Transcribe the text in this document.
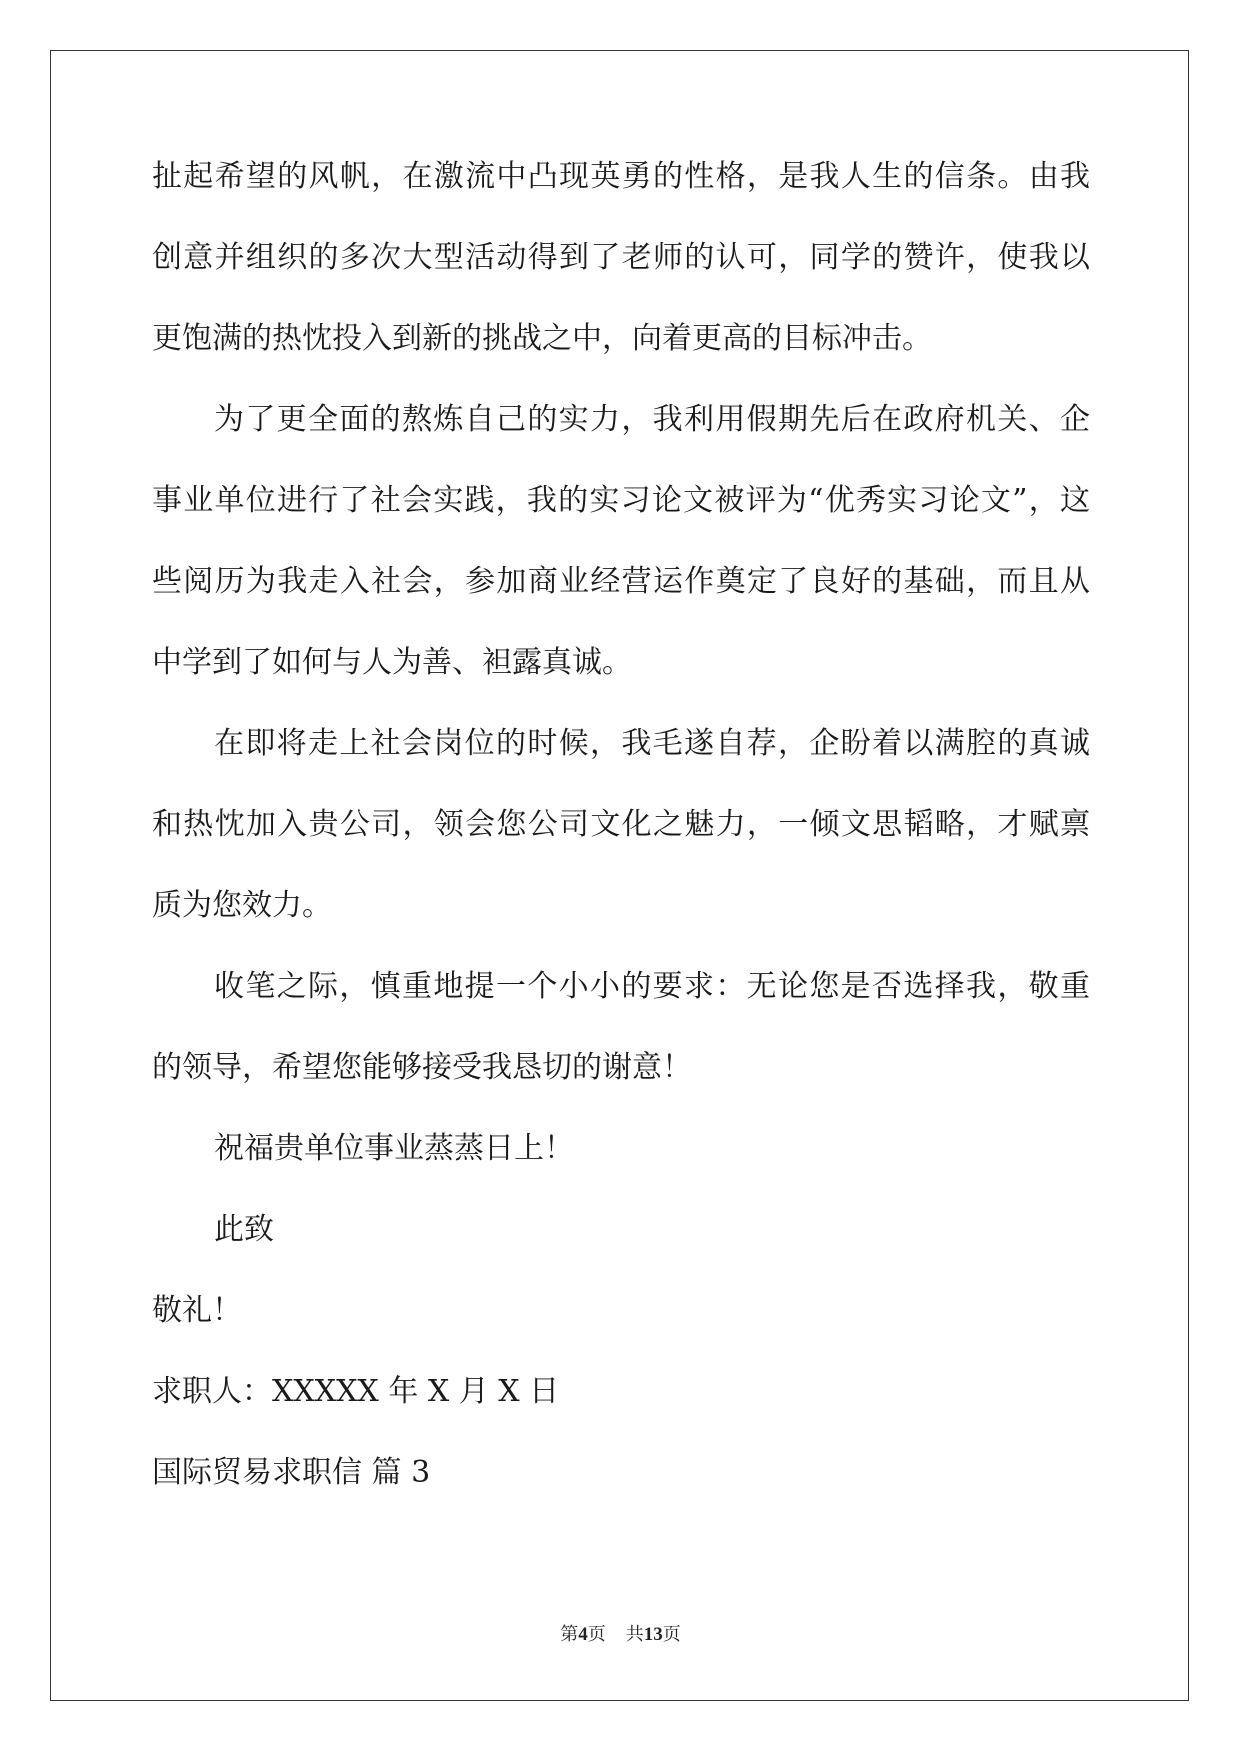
扯起希望的风帆，在激流中凸现英勇的性格，是我人生的信条。由我
创意并组织的多次大型活动得到了老师的认可，同学的赞许，使我以
更饱满的热忱投入到新的挑战之中，向着更高的目标冲击。
为了更全面的熬炼自己的实力，我利用假期先后在政府机关、企
事业单位进行了社会实践，我的实习论文被评为“优秀实习论文”，这
些阅历为我走入社会，参加商业经营运作奠定了良好的基础，而且从
中学到了如何与人为善、袒露真诚。
在即将走上社会岗位的时候，我毛遂自荐，企盼着以满腔的真诚
和热忱加入贵公司，领会您公司文化之魅力，一倾文思韬略，才赋禀
质为您效力。
收笔之际，慎重地提一个小小的要求：无论您是否选择我，敬重
的领导，希望您能够接受我恳切的谢意！
祝福贵单位事业蒸蒸日上！
此致
敬礼！
求职人：XXXXX 年 X 月 X 日
国际贸易求职信 篇 3
第4页 共13页
